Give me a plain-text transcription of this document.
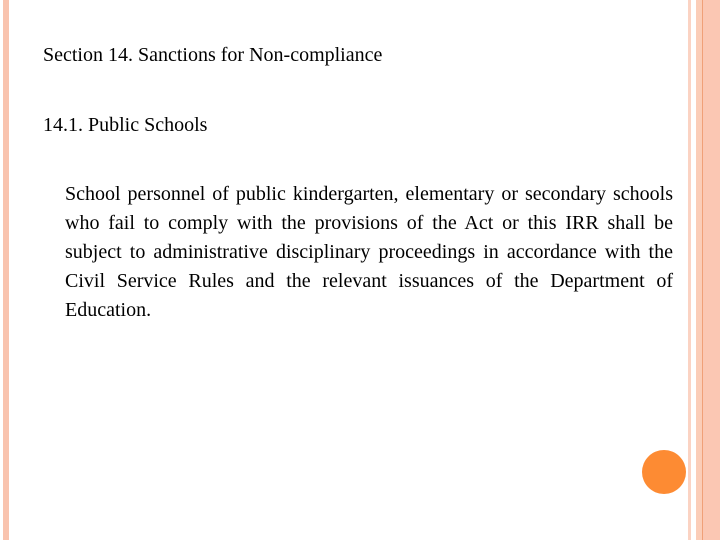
Section 14. Sanctions for Non-compliance
14.1. Public Schools
School personnel of public kindergarten, elementary or secondary schools who fail to comply with the provisions of the Act or this IRR shall be subject to administrative disciplinary proceedings in accordance with the Civil Service Rules and the relevant issuances of the Department of Education.
